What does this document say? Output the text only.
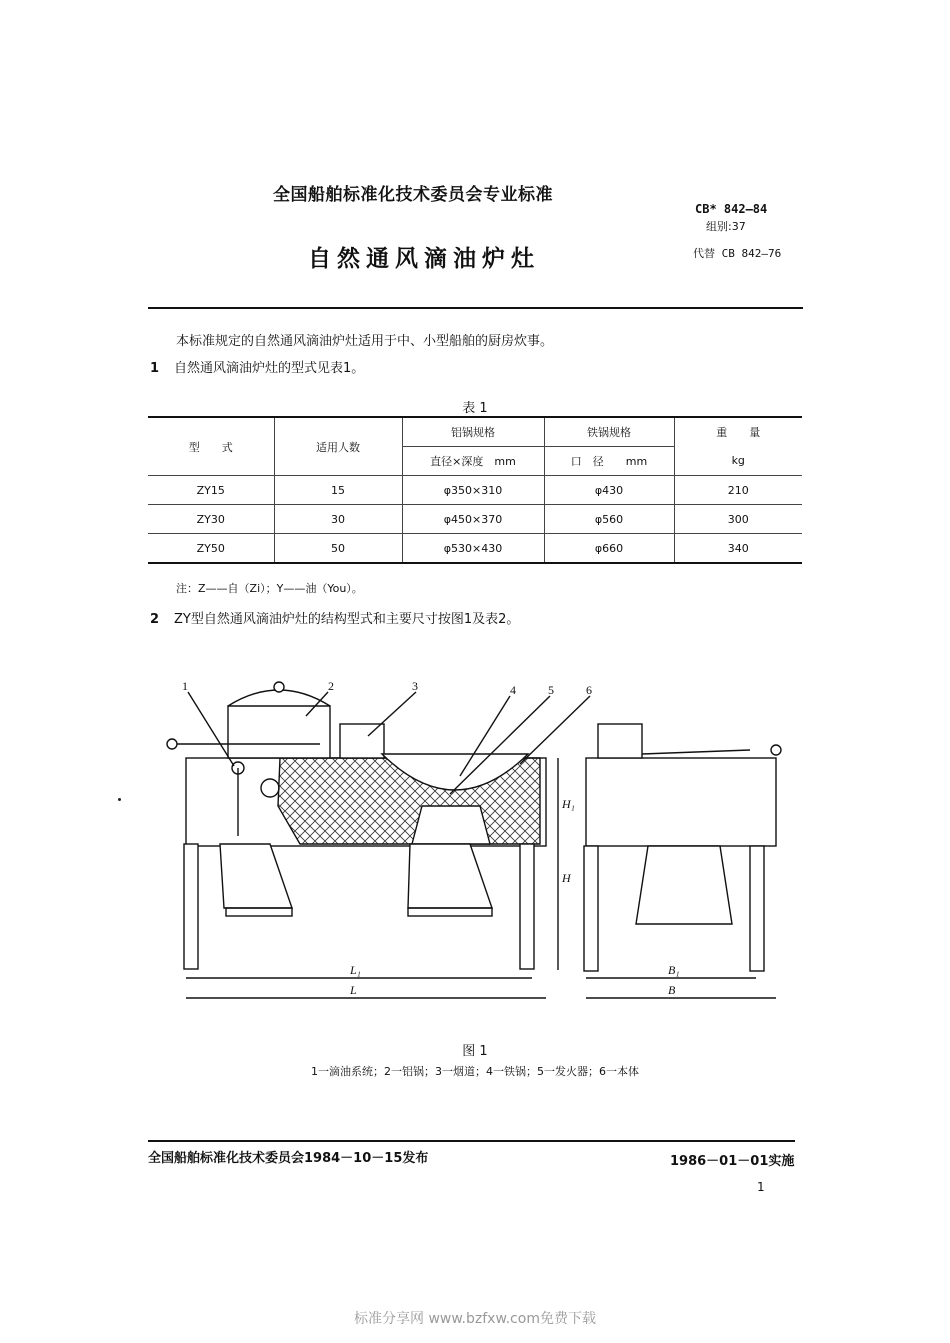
全国船舶标准化技术委员会专业标准
自然通风滴油炉灶
CB* 842—84
组别:37
代替 CB 842—76
本标准规定的自然通风滴油炉灶适用于中、小型船舶的厨房炊事。
1 自然通风滴油炉灶的型式见表1。
表 1
型　　式	适用人数	铝锅规格	铁锅规格	重　　量
		直径×深度　mm	口　径　　mm	kg
ZY15	15	φ350×310	φ430	210
ZY30	30	φ450×370	φ560	300
ZY50	50	φ530×430	φ660	340
注：Z——自（Zi）；Y——油（You）。
2 ZY型自然通风滴油炉灶的结构型式和主要尺寸按图1及表2。
1	2	3	4	5	6
L₁
L
B₁
B
H₁
H
图 1
1一滴油系统；2一铝锅；3一烟道；4一铁锅；5一发火器；6一本体
全国船舶标准化技术委员会1984－10－15发布	1986－01－01实施
1
标准分享网 www.bzfxw.com免费下载
